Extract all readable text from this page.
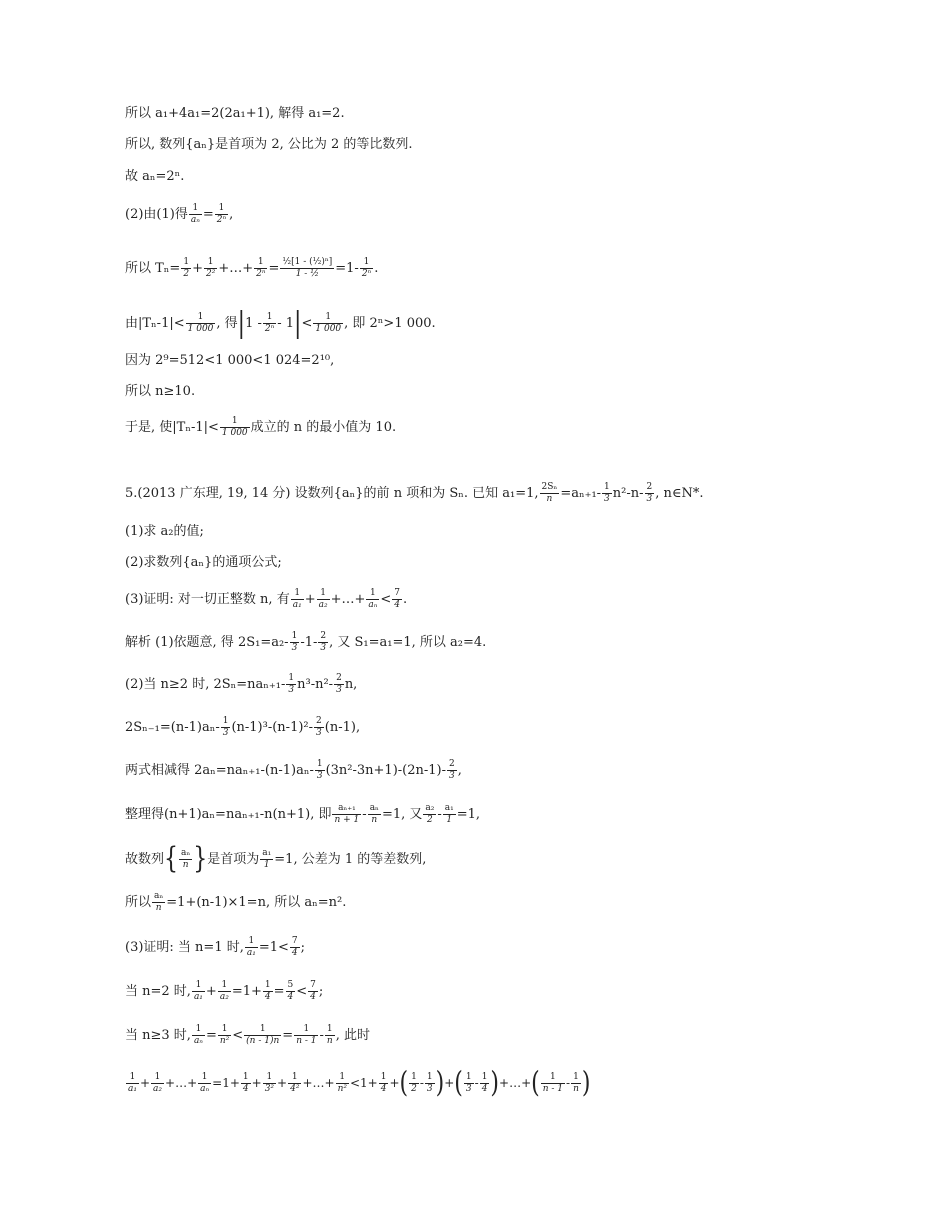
所以 a₁+4a₁=2(2a₁+1), 解得 a₁=2.
所以, 数列{aₙ}是首项为 2, 公比为 2 的等比数列.
故 aₙ=2ⁿ.
(2)由(1)得 $\frac{1}{\text{aₙ}} = \frac{1}{\text{2ⁿ}}$ ,
所以 $T_n= \frac{1}{2} + \frac{1}{\text{2²}}$ +…+ $\frac{1}{\text{2ⁿ}} = \frac{\text{½[1 - (½)ⁿ]}}{\text{1 - ½}} =1- \frac{1}{\text{2ⁿ}}$ .
由$|T_n-1|< \frac{1}{1 000}$ , 得$|1 - \frac{1}{\text{2ⁿ}} - 1|< \frac{1}{1 000}$ , 即 2ⁿ>1 000.
因为 2⁹=512<1 000<1 024=2¹⁰,
所以 n≥10.
于是, 使$|T_n-1|< \frac{1}{1 000}$ 成立的 n 的最小值为 10.
5.(2013 广东理, 19, 14 分) 设数列{aₙ}的前 n 项和为 Sₙ. 已知 a₁=1, $\frac{\text{2Sₙ}}{n} =a_{n+1}- \frac{1}{3} n^2-n- \frac{2}{3}$ , n∈N*.
(1)求 a₂的值;
(2)求数列{aₙ}的通项公式;
(3)证明: 对一切正整数 n, 有 $\frac{1}{\text{a₁}} + \frac{1}{\text{a₂}}$ +…+ $\frac{1}{\text{aₙ}} < \frac{7}{4}$ .
解析 (1)依题意, 得 $2S_1=a_2- \frac{1}{3} -1- \frac{2}{3}$ , 又 S₁=a₁=1, 所以 a₂=4.
(2)当 n≥2 时, $2S_n=na_{n+1}- \frac{1}{3} n^3-n^2- \frac{2}{3} n$,
$2S_{n-1}=(n-1)a_n- \frac{1}{3} (n-1)^3-(n-1)^2- \frac{2}{3} (n-1)$,
两式相减得 $2a_n=na_{n+1}-(n-1)a_n- \frac{1}{3} (3n^2-3n+1)-(2n-1)- \frac{2}{3}$ ,
整理得(n+1)aₙ=naₙ₊₁-n(n+1), 即 $\frac{\text{aₙ₊₁}}{n + 1} - \frac{\text{aₙ}}{n} =1$, 又 $\frac{\text{a₂}}{2} - \frac{\text{a₁}}{1} =1$,
故数列{ $\frac{\text{aₙ}}{n}$ }是首项为 $\frac{\text{a₁}}{1} =1$, 公差为 1 的等差数列,
所以 $\frac{\text{aₙ}}{n} =1+(n-1)\times 1=n$, 所以 aₙ=n².
(3)证明: 当 n=1 时, $\frac{1}{\text{a₁}} =1< \frac{7}{4}$ ;
当 n=2 时, $\frac{1}{\text{a₁}} + \frac{1}{\text{a₂}} =1+ \frac{1}{4} = \frac{5}{4} < \frac{7}{4}$ ;
当 n≥3 时, $\frac{1}{\text{aₙ}} = \frac{1}{\text{n²}} < \frac{1}{(n - 1)n} = \frac{1}{n - 1} - \frac{1}{n}$ , 此时
$\frac{1}{\text{a₁}} + \frac{1}{\text{a₂}}$ +…+ $\frac{1}{\text{aₙ}} =1+ \frac{1}{4} + \frac{1}{\text{3²}} + \frac{1}{\text{4²}}$ +…+ $\frac{1}{\text{n²}} <1+ \frac{1}{4}$ +( $\frac{1}{2} - \frac{1}{3}$ )+( $\frac{1}{3} - \frac{1}{4}$ )+…+( $\frac{1}{n - 1} - \frac{1}{n}$ )
